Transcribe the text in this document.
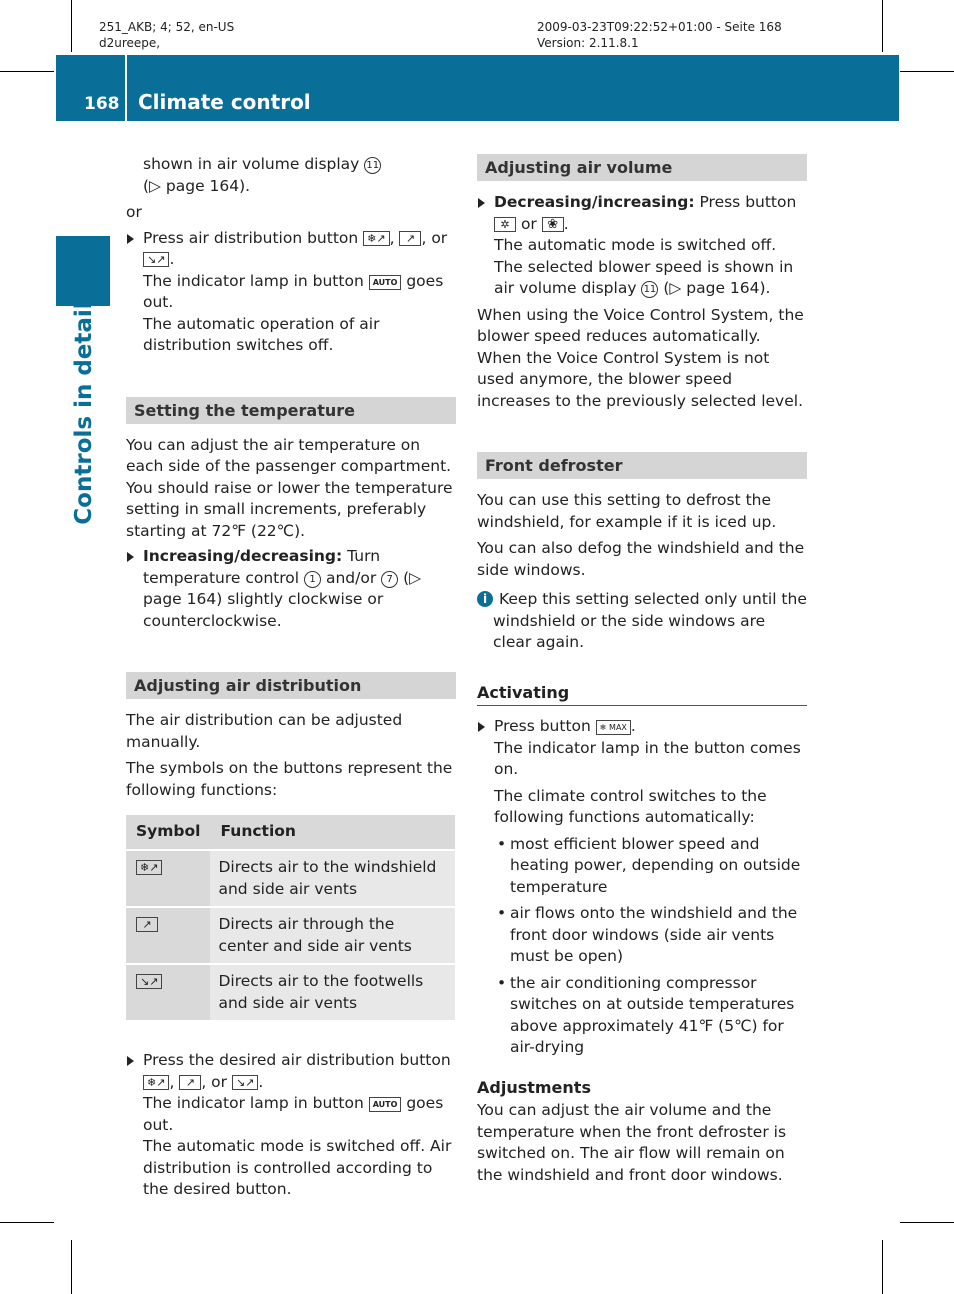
251_AKB; 4; 52, en-US
d2ureepe,
2009-03-23T09:22:52+01:00 - Seite 168
Version: 2.11.8.1
168 Climate control
Controls in detail

shown in air volume display 11
(▷ page 164).

or

Press air distribution button ❄↗ , ↗ , or ↘↗ .
The indicator lamp in button AUTO goes out.
The automatic operation of air distribution switches off.
Setting the temperature

You can adjust the air temperature on each side of the passenger compartment. You should raise or lower the temperature setting in small increments, preferably starting at 72℉ (22℃).

Increasing/decreasing: Turn temperature control 1 and/or 7 (▷ page 164) slightly clockwise or counterclockwise.
Adjusting air distribution

The air distribution can be adjusted manually.

The symbols on the buttons represent the following functions:

Symbol	Function
❄↗	Directs air to the windshield and side air vents
↗	Directs air through the center and side air vents
↘↗	Directs air to the footwells and side air vents
Press the desired air distribution button ❄↗ , ↗ , or ↘↗ .
The indicator lamp in button AUTO goes out.
The automatic mode is switched off. Air distribution is controlled according to the desired button.
Adjusting air volume
Decreasing/increasing: Press button ✲ or ❀ .
The automatic mode is switched off. The selected blower speed is shown in air volume display 11 (▷ page 164).

When using the Voice Control System, the blower speed reduces automatically. When the Voice Control System is not used anymore, the blower speed increases to the previously selected level.

Front defroster

You can use this setting to defrost the windshield, for example if it is iced up.

You can also defog the windshield and the side windows.

i Keep this setting selected only until the windshield or the side windows are clear again.

Activating
Press button ❄ MAX .
The indicator lamp in the button comes on.
The climate control switches to the following functions automatically:
• most efficient blower speed and heating power, depending on outside temperature
• air flows onto the windshield and the front door windows (side air vents must be open)
• the air conditioning compressor switches on at outside temperatures above approximately 41℉ (5℃) for air-drying
Adjustments

You can adjust the air volume and the temperature when the front defroster is switched on. The air flow will remain on the windshield and front door windows.
